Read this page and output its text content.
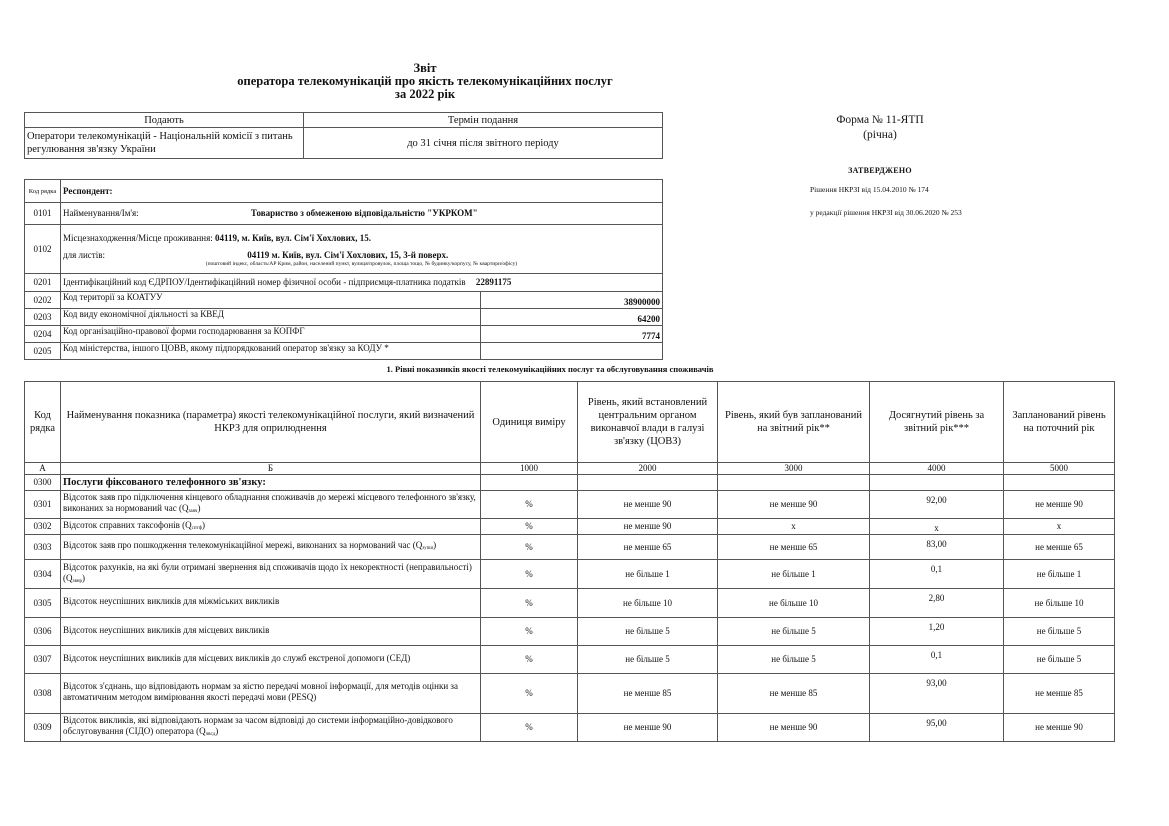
Звіт
оператора телекомунікацій про якість телекомунікаційних послуг
за 2022 рік
Подають	Термін подання
Оператори телекомунікацій - Національній комісії з питань регулювання зв'язку України	до 31 січня після звітного періоду
Форма № 11-ЯТП
(річна)
ЗАТВЕРДЖЕНО
Рішення НКРЗІ від 15.04.2010 № 174
у редакції рішення НКРЗІ від 30.06.2020 № 253
Код рядка	Респондент:	
0101	Найменування/Ім'я: Товариство з обмеженою відповідальністю "УКРКОМ"	
0102	Місцезнаходження/Місце проживання: 04119, м. Київ, вул. Сім'ї Хохлових, 15.
для листів: 04119 м. Київ, вул. Сім'ї Хохлових, 15, 3-й поверх.
(поштовий індекс, область/АР Крим, район, населений пункт, вулиця/провулок, площа тощо, № будинку/корпусу, № квартири/офісу)	

0201	Ідентифікаційний код ЄДРПОУ/Ідентифікаційний номер фізичної особи - підприємця-платника податків 22891175	
0202	Код території за КОАТУУ	38900000
0203	Код виду економічної діяльності за КВЕД	64200
0204	Код організаційно-правової форми господарювання за КОПФГ	7774
0205	Код міністерства, іншого ЦОВВ, якому підпорядкований оператор зв'язку за КОДУ *	
1. Рівні показників якості телекомунікаційних послуг та обслуговування споживачів
Код рядка	Найменування показника (параметра) якості телекомунікаційної послуги, який визначений НКРЗ для оприлюднення	Одиниця виміру	Рівень, який встановлений центральним органом виконавчої влади в галузі зв'язку (ЦОВЗ)	Рівень, який був запланований на звітний рік**	Досягнутий рівень за звітний рік***	Запланований рівень на поточний рік
А	Б	1000	2000	3000	4000	5000
0300	Послуги фіксованого телефонного зв'язку:					
0301	Відсоток заяв про підключення кінцевого обладнання споживачів до мережі місцевого телефонного зв'язку, виконаних за нормований час $(Q_{заяч})$	%	не менше 90	не менше 90	92,00	не менше 90
0302	Відсоток справних таксофонів $(Q_{сптф})$	%	не менше 90	х	х	х
0303	Відсоток заяв про пошкодження телекомунікаційної мережі, виконаних за нормований час $(Q_{зупш})$	%	не менше 65	не менше 65	83,00	не менше 65
0304	Відсоток рахунків, на які були отримані звернення від споживачів щодо їх некоректності (неправильності) $(Q_{звнр})$	%	не більше 1	не більше 1	0,1	не більше 1
0305	Відсоток неуспішних викликів для міжміських викликів	%	не більше 10	не більше 10	2,80	не більше 10
0306	Відсоток неуспішних викликів для місцевих викликів	%	не більше 5	не більше 5	1,20	не більше 5
0307	Відсоток неуспішних викликів для місцевих викликів до служб екстреної допомоги (СЕД)	%	не більше 5	не більше 5	0,1	не більше 5
0308	Відсоток з'єднань, що відповідають нормам за яістю передачі мовної інформації, для методів оцінки за автоматичним методом вимірювання якості передачі мови (PESQ)	%	не менше 85	не менше 85	93,00	не менше 85
0309	Відсоток викликів, які відповідають нормам за часом відповіді до системи інформаційно-довідкового обслуговування (СІДО) оператора $(Q_{чвсд})$	%	не менше 90	не менше 90	95,00	не менше 90
